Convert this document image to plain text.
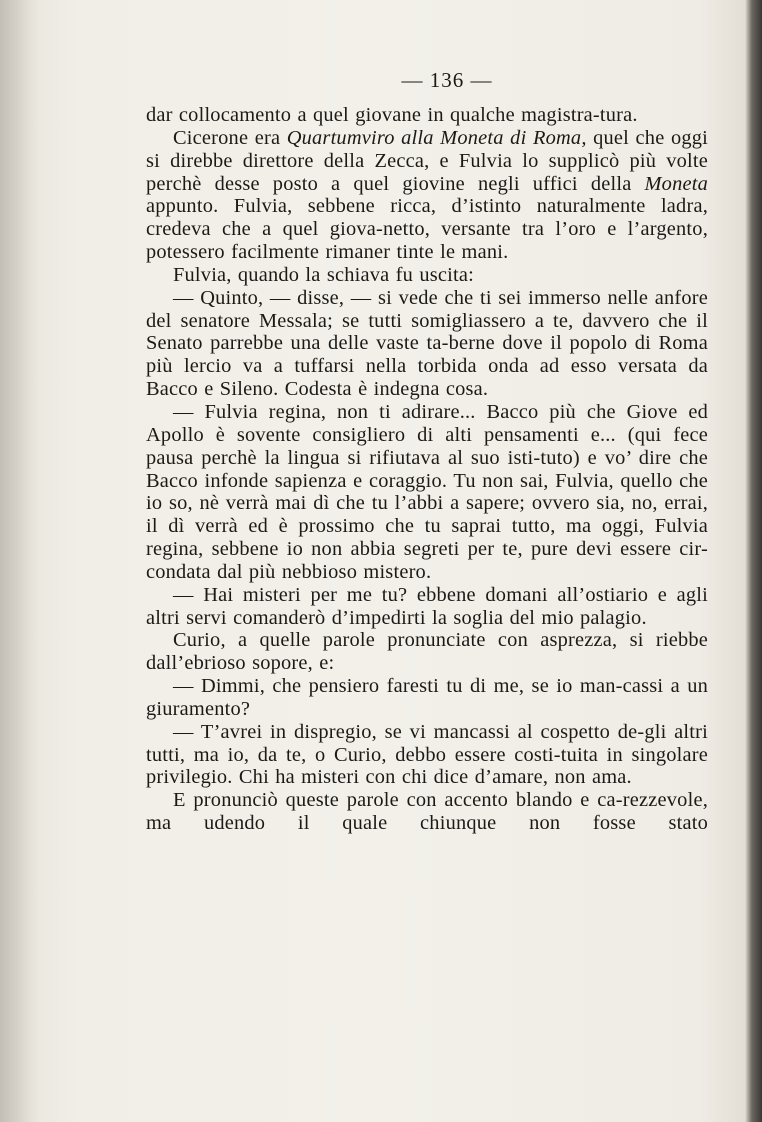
— 136 —

dar collocamento a quel giovane in qualche magistra-tura.

Cicerone era Quartumviro alla Moneta di Roma, quel che oggi si direbbe direttore della Zecca, e Fulvia lo supplicò più volte perchè desse posto a quel giovine negli uffici della Moneta appunto. Fulvia, sebbene ricca, d’istinto naturalmente ladra, credeva che a quel giova-netto, versante tra l’oro e l’argento, potessero facilmente rimaner tinte le mani.

Fulvia, quando la schiava fu uscita:

— Quinto, — disse, — si vede che ti sei immerso nelle anfore del senatore Messala; se tutti somigliassero a te, davvero che il Senato parrebbe una delle vaste ta-berne dove il popolo di Roma più lercio va a tuffarsi nella torbida onda ad esso versata da Bacco e Sileno. Codesta è indegna cosa.

— Fulvia regina, non ti adirare... Bacco più che Giove ed Apollo è sovente consigliero di alti pensamenti e... (qui fece pausa perchè la lingua si rifiutava al suo isti-tuto) e vo’ dire che Bacco infonde sapienza e coraggio. Tu non sai, Fulvia, quello che io so, nè verrà mai dì che tu l’abbi a sapere; ovvero sia, no, errai, il dì verrà ed è prossimo che tu saprai tutto, ma oggi, Fulvia regina, sebbene io non abbia segreti per te, pure devi essere cir-condata dal più nebbioso mistero.

— Hai misteri per me tu? ebbene domani all’ostiario e agli altri servi comanderò d’impedirti la soglia del mio palagio.

Curio, a quelle parole pronunciate con asprezza, si riebbe dall’ebrioso sopore, e:

— Dimmi, che pensiero faresti tu di me, se io man-cassi a un giuramento?

— T’avrei in dispregio, se vi mancassi al cospetto de-gli altri tutti, ma io, da te, o Curio, debbo essere costi-tuita in singolare privilegio. Chi ha misteri con chi dice d’amare, non ama.

E pronunciò queste parole con accento blando e ca-rezzevole, ma udendo il quale chiunque non fosse stato
